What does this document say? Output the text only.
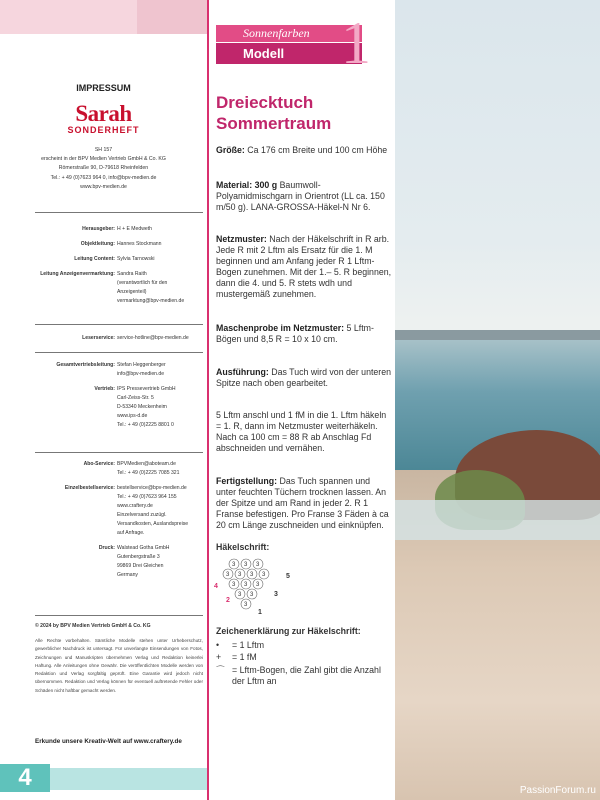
IMPRESSUM
Sarah
SONDERHEFT
SH 157
erscheint in der BPV Medien Vertrieb GmbH & Co. KG
Römerstraße 90, D-79618 Rheinfelden
Tel.: + 49 (0)7623 964 0, info@bpv-medien.de
www.bpv-medien.de
Herausgeber: H + E Medweth
Objektleitung: Hannes Stockmann
Leitung Content: Sylvia Tarnowski
Leitung Anzeigenvermarktung: Sandra Raith
(verantwortlich für den
Anzeigenteil)
vermarktung@bpv-medien.de
Leserservice: service-hotline@bpv-medien.de
Gesamtvertriebsleitung: Stefan Heggenberger
info@bpv-medien.de
Vertrieb: IPS Pressevertrieb GmbH
Carl-Zeiss-Str. 5
D-53340 Meckenheim
www.ips-d.de
Tel.: + 49 (0)2225 8801 0
Abo-Service: BPVMedien@aboteam.de
Tel.: + 49 (0)2225 7085 321
Einzelbestellservice: bestellservice@bpv-medien.de
Tel.: + 49 (0)7623 964 155
www.craftery.de
Einzelversand zuzügl.
Versandkosten, Auslandspreise
auf Anfrage.
Druck: Walstead Gotha GmbH
Gutenbergstraße 3
99869 Drei Gleichen
Germany
© 2024 by BPV Medien Vertrieb GmbH & Co. KG
Alle Rechte vorbehalten. Sämtliche Modelle stehen unter Urheberschutz, gewerblicher Nachdruck ist untersagt. Für unverlangte Einsendungen von Fotos, Zeichnungen und Manuskripten übernehmen Verlag und Redaktion keinerlei Haftung. Alle Anleitungen ohne Gewähr. Die veröffentlichten Modelle werden von Redaktion und Verlag sorgfältig geprüft. Eine Garantie wird jedoch nicht übernommen. Redaktion und Verlag können für eventuell auftretende Fehler oder Schäden nicht haftbar gemacht werden.
Erkunde unsere Kreativ-Welt auf www.craftery.de
4
Sonnenfarben
Modell 1
Dreiecktuch
Sommertraum
Größe: Ca 176 cm Breite und 100 cm Höhe
Material: 300 g Baumwoll-Polyamidmischgarn in Orientrot (LL ca. 150 m/50 g). LANA-GROSSA-Häkel-N Nr 6.
Netzmuster: Nach der Häkelschrift in R arb. Jede R mit 2 Lftm als Ersatz für die 1. M beginnen und am Anfang jeder R 1 Lftm-Bogen zunehmen. Mit der 1.– 5. R beginnen, dann die 4. und 5. R stets wdh und mustergemäß zunehmen.
Maschenprobe im Netzmuster: 5 Lftm-Bögen und 8,5 R = 10 x 10 cm.
Ausführung: Das Tuch wird von der unteren Spitze nach oben gearbeitet.
5 Lftm anschl und 1 fM in die 1. Lftm häkeln = 1. R, dann im Netzmuster weiterhäkeln. Nach ca 100 cm = 88 R ab Anschlag Fd abschneiden und vernähen.
Fertigstellung: Das Tuch spannen und unter feuchten Tüchern trocknen lassen. An der Spitze und am Rand in jeder 2. R 1 Franse befestigen. Pro Franse 3 Fäden à ca 20 cm Länge zuschneiden und einknüpfen.
Häkelschrift:
3 3 3
3 3 3 3
3 3 3
3 3
3
1
2
3
4
5
Zeichenerklärung zur Häkelschrift:
• = 1 Lftm
+ = 1 fM
⌒ = Lftm-Bogen, die Zahl gibt die Anzahl der Lftm an
PassionForum.ru
